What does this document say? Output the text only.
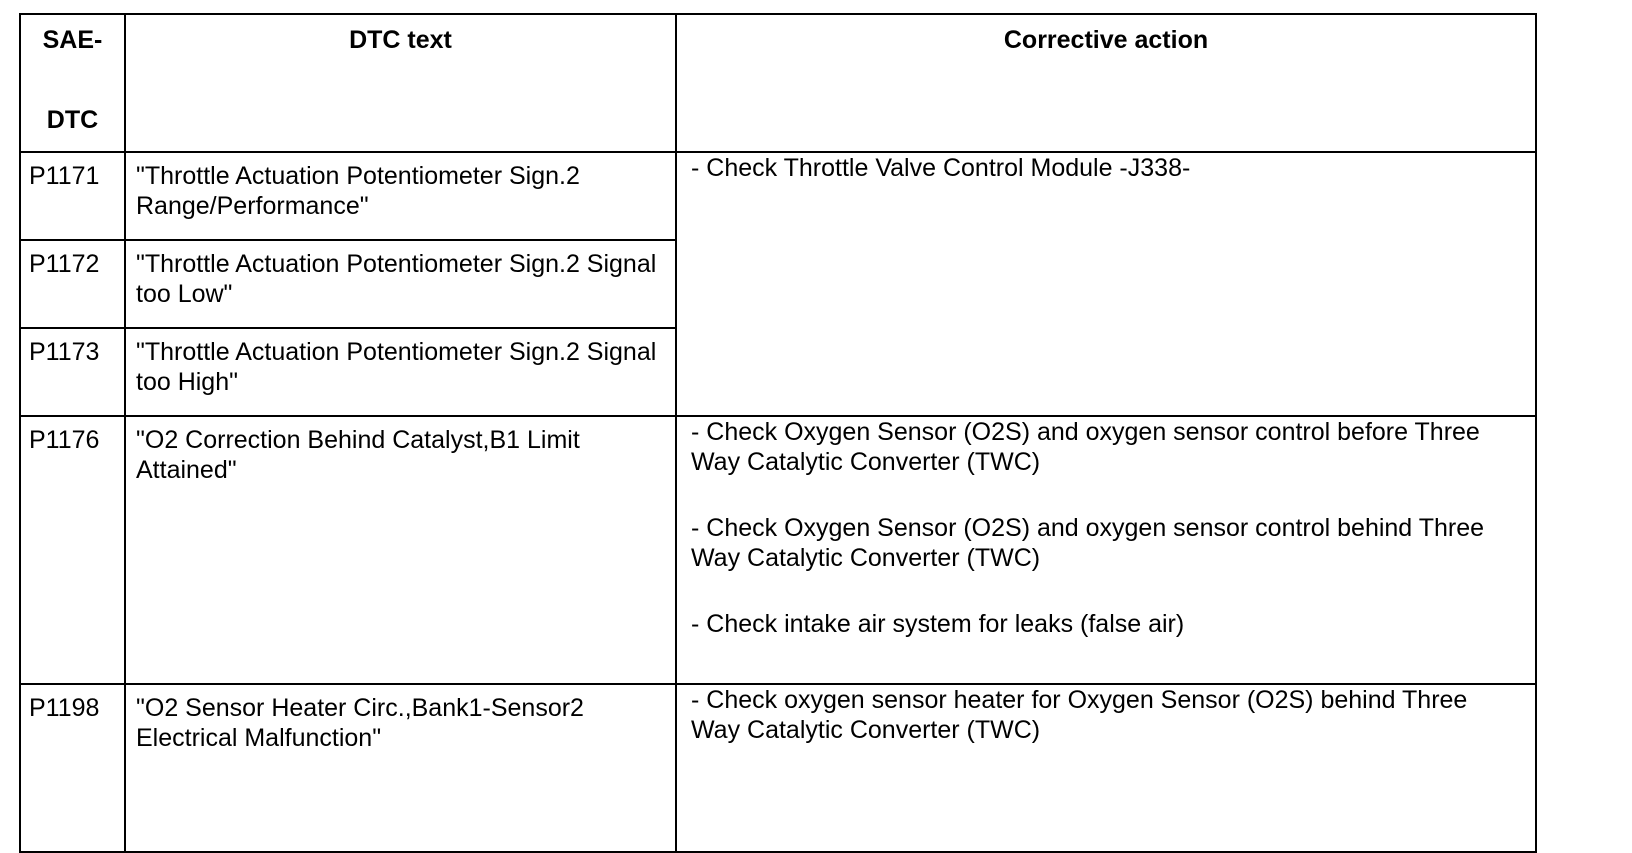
SAE-
DTC	DTC text	Corrective action
P1171	"Throttle Actuation Potentiometer Sign.2 Range/Performance"	- Check Throttle Valve Control Module -J338-

P1172	"Throttle Actuation Potentiometer Sign.2 Signal too Low"	
P1173	"Throttle Actuation Potentiometer Sign.2 Signal too High"	
P1176	"O2 Correction Behind Catalyst,B1 Limit Attained"	- Check Oxygen Sensor (O2S) and oxygen sensor control before Three Way Catalytic Converter (TWC)
- Check Oxygen Sensor (O2S) and oxygen sensor control behind Three Way Catalytic Converter (TWC)
- Check intake air system for leaks (false air)

P1198	"O2 Sensor Heater Circ.,Bank1-Sensor2 Electrical Malfunction"	- Check oxygen sensor heater for Oxygen Sensor (O2S) behind Three Way Catalytic Converter (TWC)
